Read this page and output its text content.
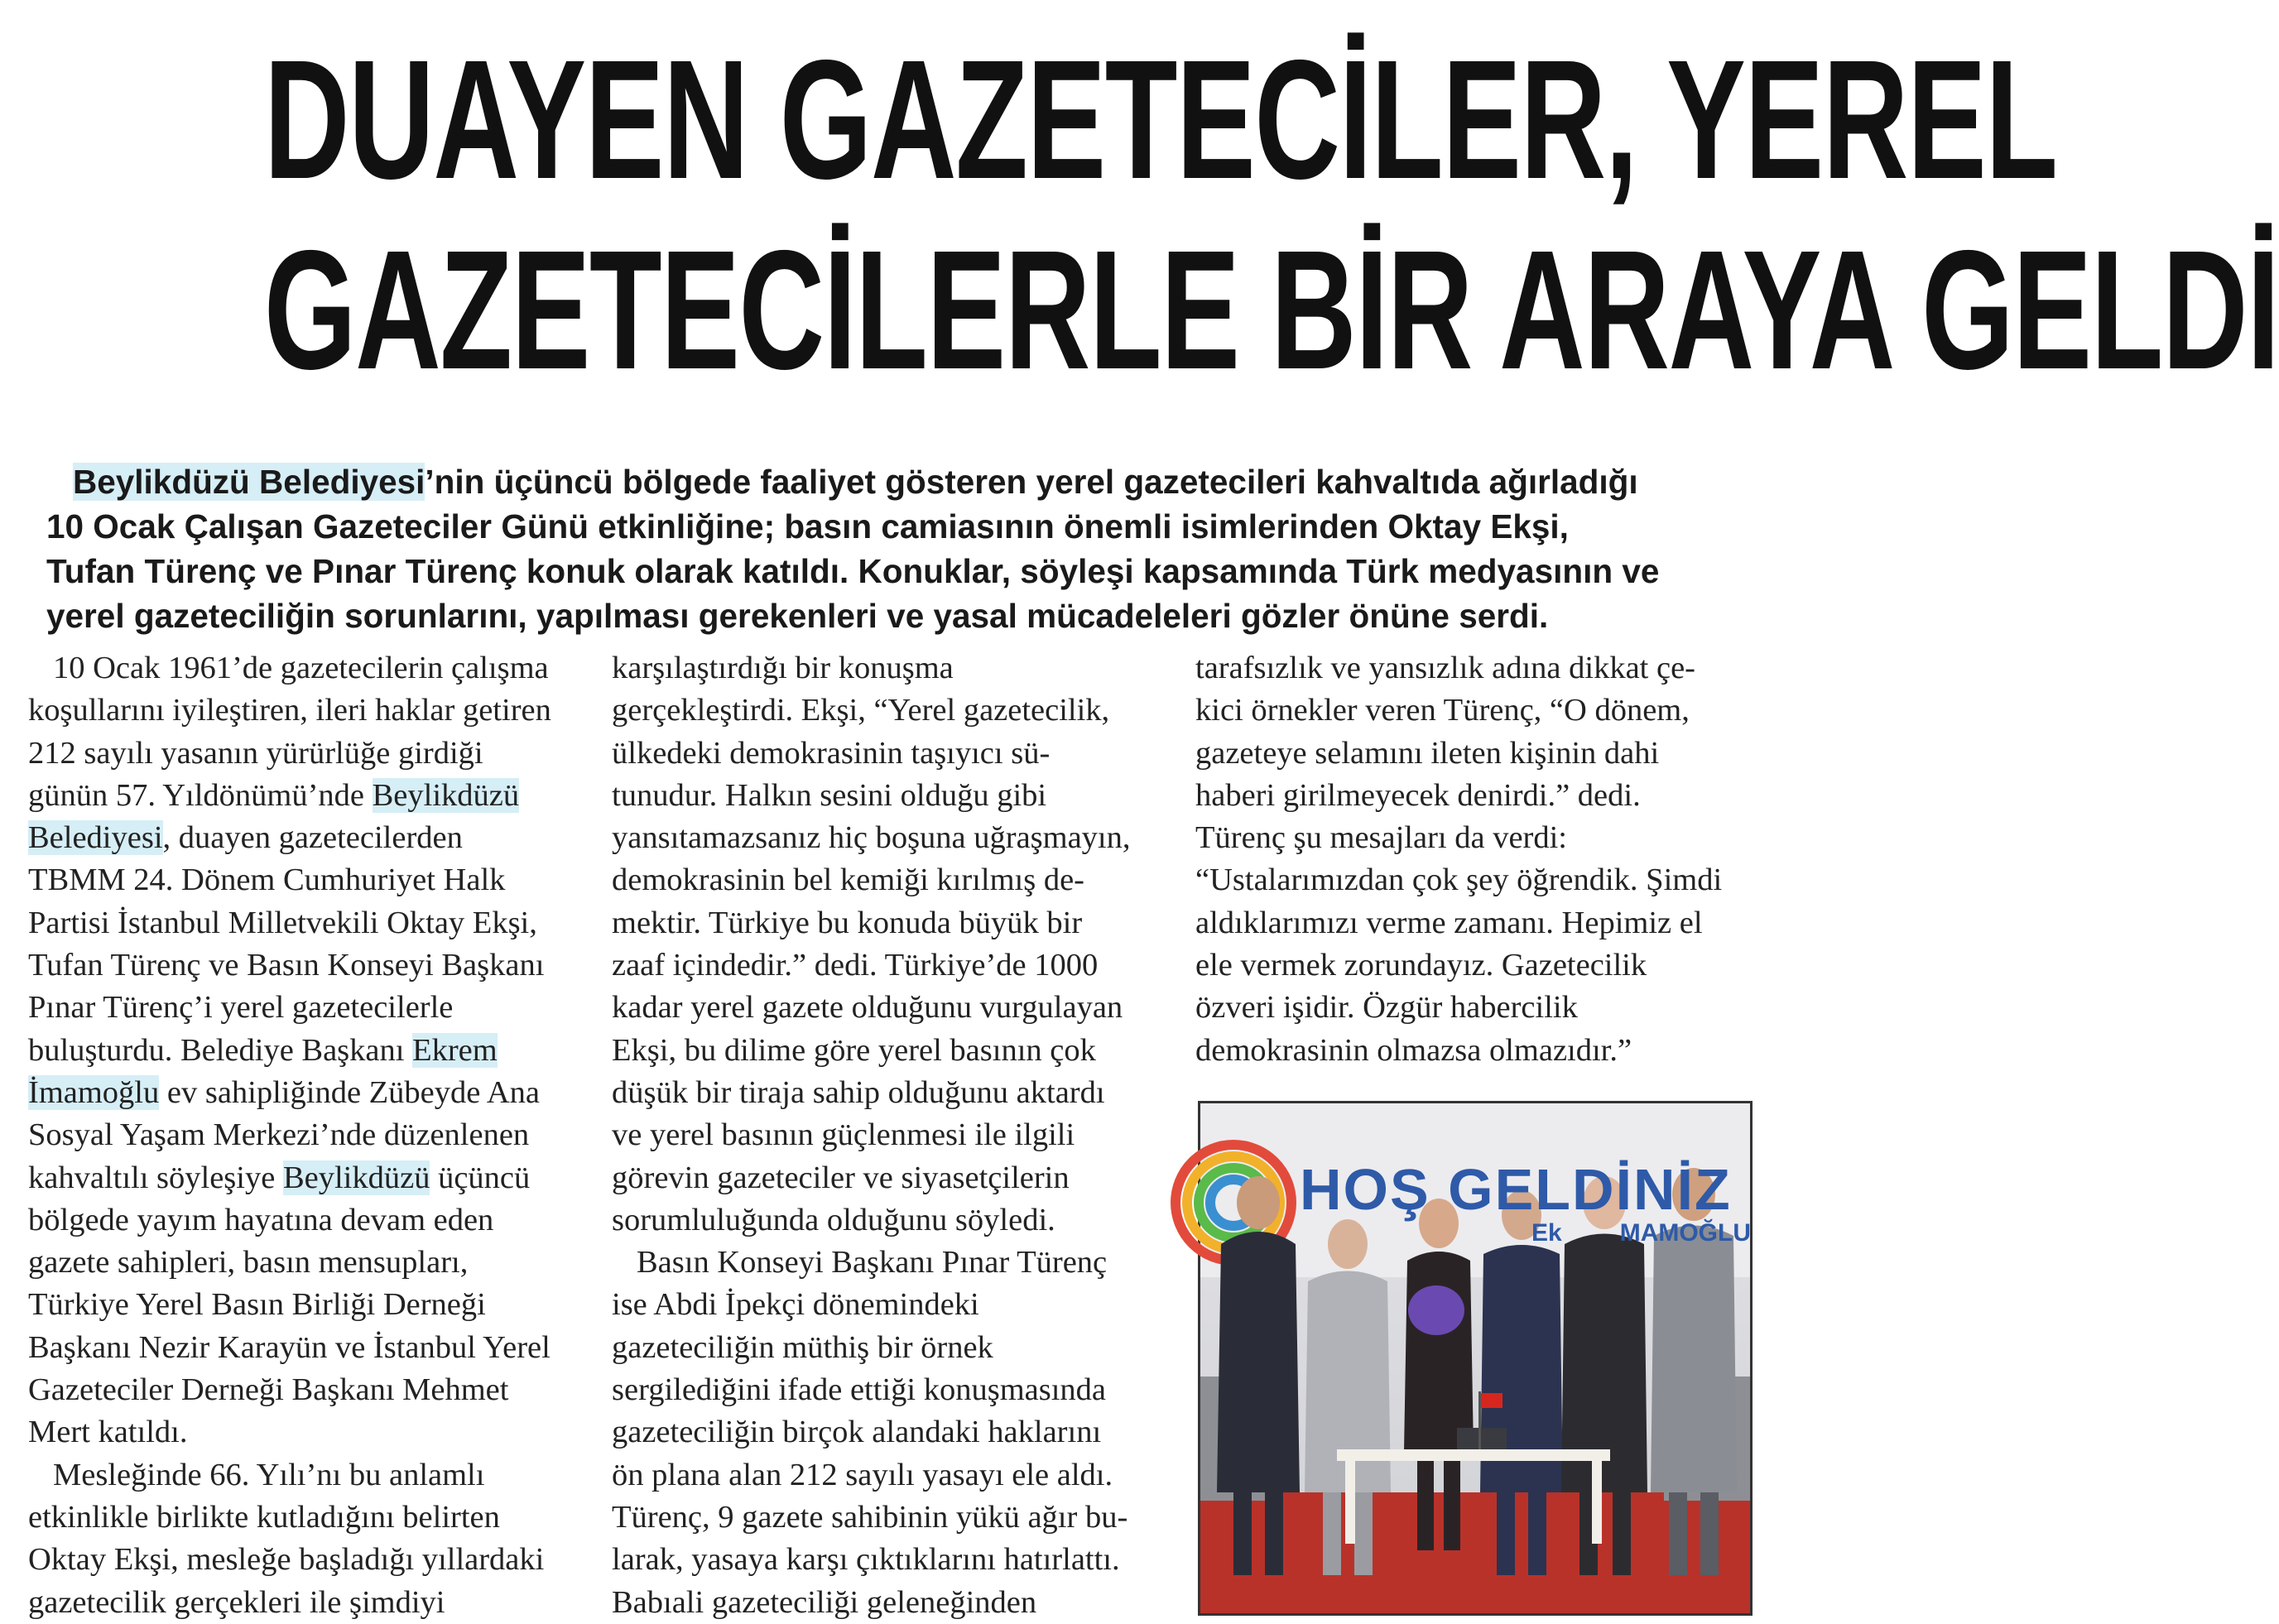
DUAYEN GAZETECİLER, YEREL
GAZETECİLERLE BİR ARAYA GELDİ
Beylikdüzü Belediyesi’nin üçüncü bölgede faaliyet gösteren yerel gazetecileri kahvaltıda ağırladığı
10 Ocak Çalışan Gazeteciler Günü etkinliğine; basın camiasının önemli isimlerinden Oktay Ekşi,
Tufan Türenç ve Pınar Türenç konuk olarak katıldı. Konuklar, söyleşi kapsamında Türk medyasının ve
yerel gazeteciliğin sorunlarını, yapılması gerekenleri ve yasal mücadeleleri gözler önüne serdi.

10 Ocak 1961’de gazetecilerin çalışma

koşullarını iyileştiren, ileri haklar getiren

212 sayılı yasanın yürürlüğe girdiği

günün 57. Yıldönümü’nde Beylikdüzü

Belediyesi, duayen gazetecilerden

TBMM 24. Dönem Cumhuriyet Halk

Partisi İstanbul Milletvekili Oktay Ekşi,

Tufan Türenç ve Basın Konseyi Başkanı

Pınar Türenç’i yerel gazetecilerle

buluşturdu. Belediye Başkanı Ekrem

İmamoğlu ev sahipliğinde Zübeyde Ana

Sosyal Yaşam Merkezi’nde düzenlenen

kahvaltılı söyleşiye Beylikdüzü üçüncü

bölgede yayım hayatına devam eden

gazete sahipleri, basın mensupları,

Türkiye Yerel Basın Birliği Derneği

Başkanı Nezir Karayün ve İstanbul Yerel

Gazeteciler Derneği Başkanı Mehmet

Mert katıldı.

Mesleğinde 66. Yılı’nı bu anlamlı

etkinlikle birlikte kutladığını belirten

Oktay Ekşi, mesleğe başladığı yıllardaki

gazetecilik gerçekleri ile şimdiyi

karşılaştırdığı bir konuşma

gerçekleştirdi. Ekşi, “Yerel gazetecilik,

ülkedeki demokrasinin taşıyıcı sü-

tunudur. Halkın sesini olduğu gibi

yansıtamazsanız hiç boşuna uğraşmayın,

demokrasinin bel kemiği kırılmış de-

mektir. Türkiye bu konuda büyük bir

zaaf içindedir.” dedi. Türkiye’de 1000

kadar yerel gazete olduğunu vurgulayan

Ekşi, bu dilime göre yerel basının çok

düşük bir tiraja sahip olduğunu aktardı

ve yerel basının güçlenmesi ile ilgili

görevin gazeteciler ve siyasetçilerin

sorumluluğunda olduğunu söyledi.

Basın Konseyi Başkanı Pınar Türenç

ise Abdi İpekçi dönemindeki

gazeteciliğin müthiş bir örnek

sergilediğini ifade ettiği konuşmasında

gazeteciliğin birçok alandaki haklarını

ön plana alan 212 sayılı yasayı ele aldı.

Türenç, 9 gazete sahibinin yükü ağır bu-

larak, yasaya karşı çıktıklarını hatırlattı.

Babıali gazeteciliği geleneğinden

tarafsızlık ve yansızlık adına dikkat çe-

kici örnekler veren Türenç, “O dönem,

gazeteye selamını ileten kişinin dahi

haberi girilmeyecek denirdi.” dedi.

Türenç şu mesajları da verdi:

“Ustalarımızdan çok şey öğrendik. Şimdi

aldıklarımızı verme zamanı. Hepimiz el

ele vermek zorundayız. Gazetecilik

özveri işidir. Özgür habercilik

demokrasinin olmazsa olmazıdır.”

HOŞ GELDİNİZ
Ek MAMOĞLU
